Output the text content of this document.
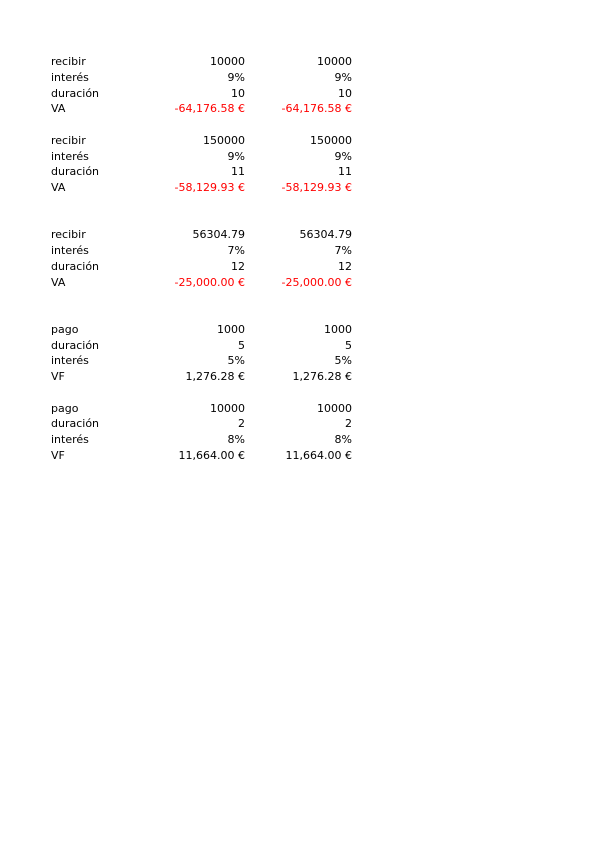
recibir	10000	10000
interés	9%	9%
duración	10	10
VA	-64,176.58 €	-64,176.58 €
recibir	150000	150000
interés	9%	9%
duración	11	11
VA	-58,129.93 €	-58,129.93 €
recibir	56304.79	56304.79
interés	7%	7%
duración	12	12
VA	-25,000.00 €	-25,000.00 €
pago	1000	1000
duración	5	5
interés	5%	5%
VF	1,276.28 €	1,276.28 €
pago	10000	10000
duración	2	2
interés	8%	8%
VF	11,664.00 €	11,664.00 €
